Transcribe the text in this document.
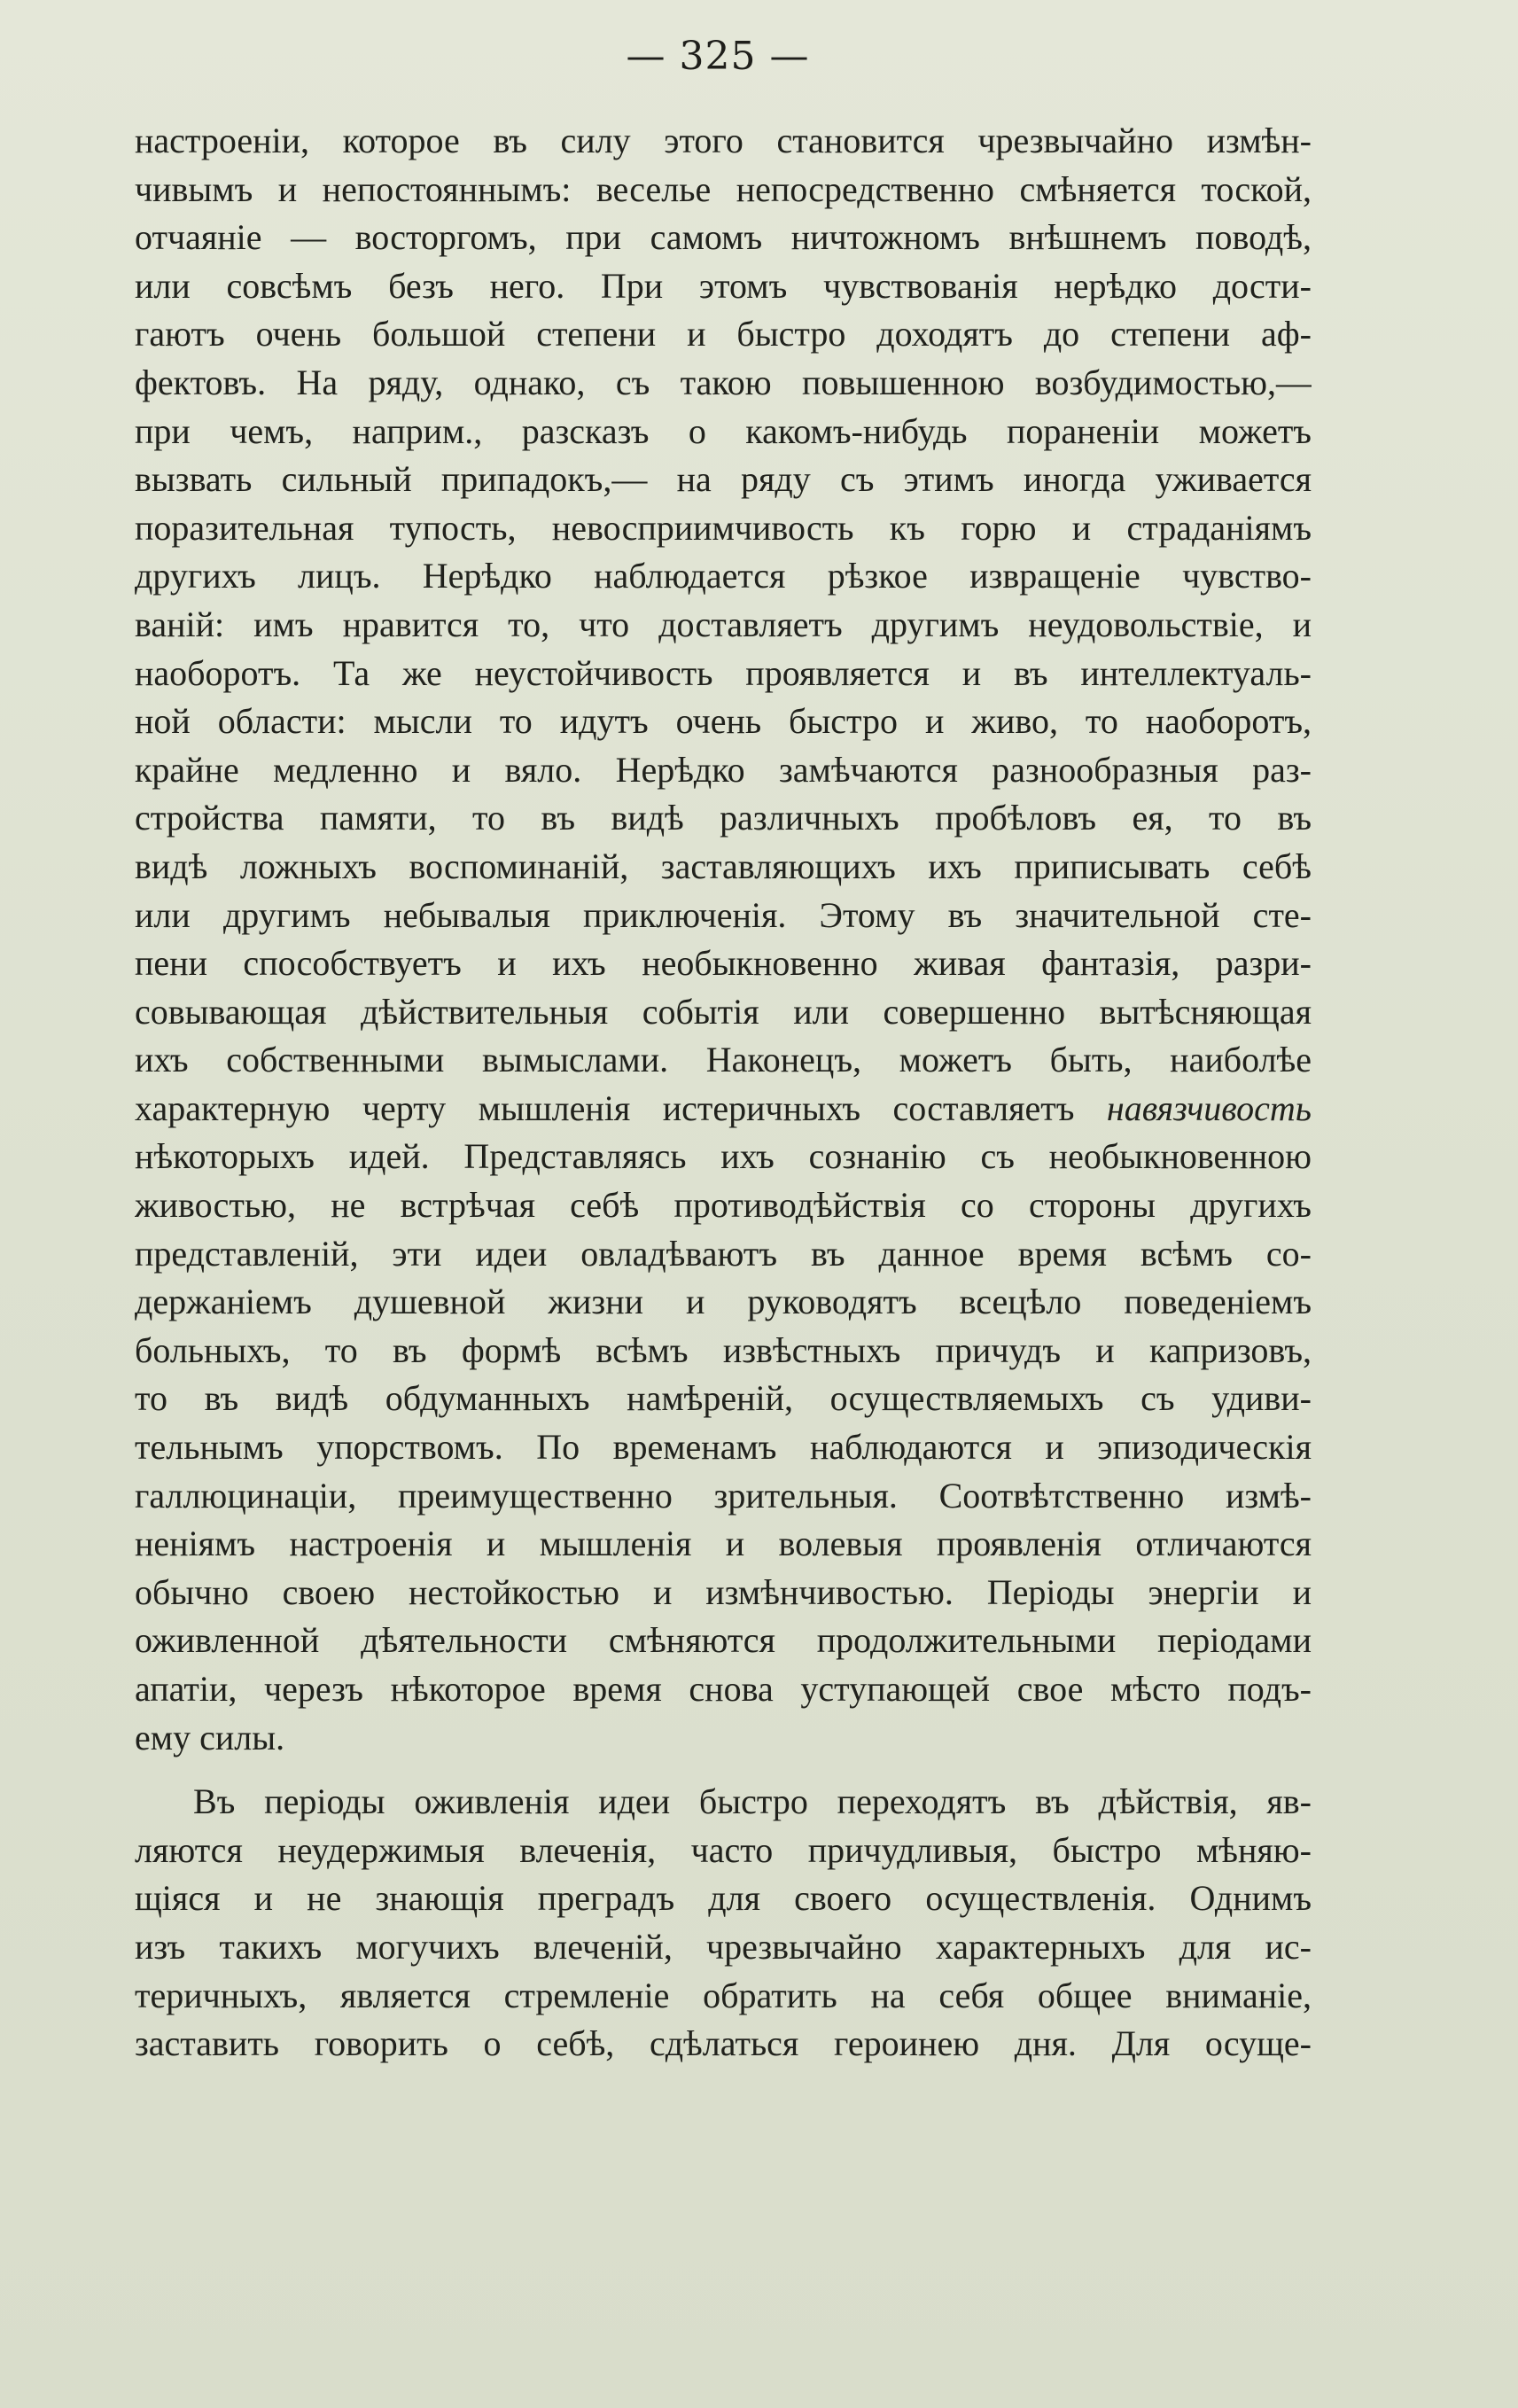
— 325 —
настроенiи, которое въ силу этого становится чрезвычайно измѣн-
чивымъ и непостояннымъ: веселье непосредственно смѣняется тоской,
отчаянiе — восторгомъ, при самомъ ничтожномъ внѣшнемъ поводѣ,
или совсѣмъ безъ него. При этомъ чувствованiя нерѣдко дости-
гаютъ очень большой степени и быстро доходятъ до степени аф-
фектовъ. На ряду, однако, съ такою повышенною возбудимостью,—
при чемъ, наприм., разсказъ о какомъ-нибудь пораненiи можетъ
вызвать сильный припадокъ,— на ряду съ этимъ иногда уживается
поразительная тупость, невосприимчивость къ горю и страданiямъ
другихъ лицъ. Нерѣдко наблюдается рѣзкое извращенiе чувство-
ванiй: имъ нравится то, что доставляетъ другимъ неудовольствiе, и
наоборотъ. Та же неустойчивость проявляется и въ интеллектуаль-
ной области: мысли то идутъ очень быстро и живо, то наоборотъ,
крайне медленно и вяло. Нерѣдко замѣчаются разнообразныя раз-
стройства памяти, то въ видѣ различныхъ пробѣловъ ея, то въ
видѣ ложныхъ воспоминанiй, заставляющихъ ихъ приписывать себѣ
или другимъ небывалыя приключенiя. Этому въ значительной сте-
пени способствуетъ и ихъ необыкновенно живая фантазiя, разри-
совывающая дѣйствительныя событiя или совершенно вытѣсняющая
ихъ собственными вымыслами. Наконецъ, можетъ быть, наиболѣе
характерную черту мышленiя истеричныхъ составляетъ навязчивость
нѣкоторыхъ идей. Представляясь ихъ сознанiю съ необыкновенною
живостью, не встрѣчая себѣ противодѣйствiя со стороны другихъ
представленiй, эти идеи овладѣваютъ въ данное время всѣмъ со-
держанiемъ душевной жизни и руководятъ всецѣло поведенiемъ
больныхъ, то въ формѣ всѣмъ извѣстныхъ причудъ и капризовъ,
то въ видѣ обдуманныхъ намѣренiй, осуществляемыхъ съ удиви-
тельнымъ упорствомъ. По временамъ наблюдаются и эпизодическiя
галлюцинацiи, преимущественно зрительныя. Соотвѣтственно измѣ-
ненiямъ настроенiя и мышленiя и волевыя проявленiя отличаются
обычно своею нестойкостью и измѣнчивостью. Перiоды энергiи и
оживленной дѣятельности смѣняются продолжительными перiодами
апатiи, черезъ нѣкоторое время снова уступающей свое мѣсто подъ-
ему силы.
Въ перiоды оживленiя идеи быстро переходятъ въ дѣйствiя, яв-
ляются неудержимыя влеченiя, часто причудливыя, быстро мѣняю-
щiяся и не знающiя преградъ для своего осуществленiя. Однимъ
изъ такихъ могучихъ влеченiй, чрезвычайно характерныхъ для ис-
теричныхъ, является стремленiе обратить на себя общее вниманiе,
заставить говорить о себѣ, сдѣлаться героинею дня. Для осуще-
